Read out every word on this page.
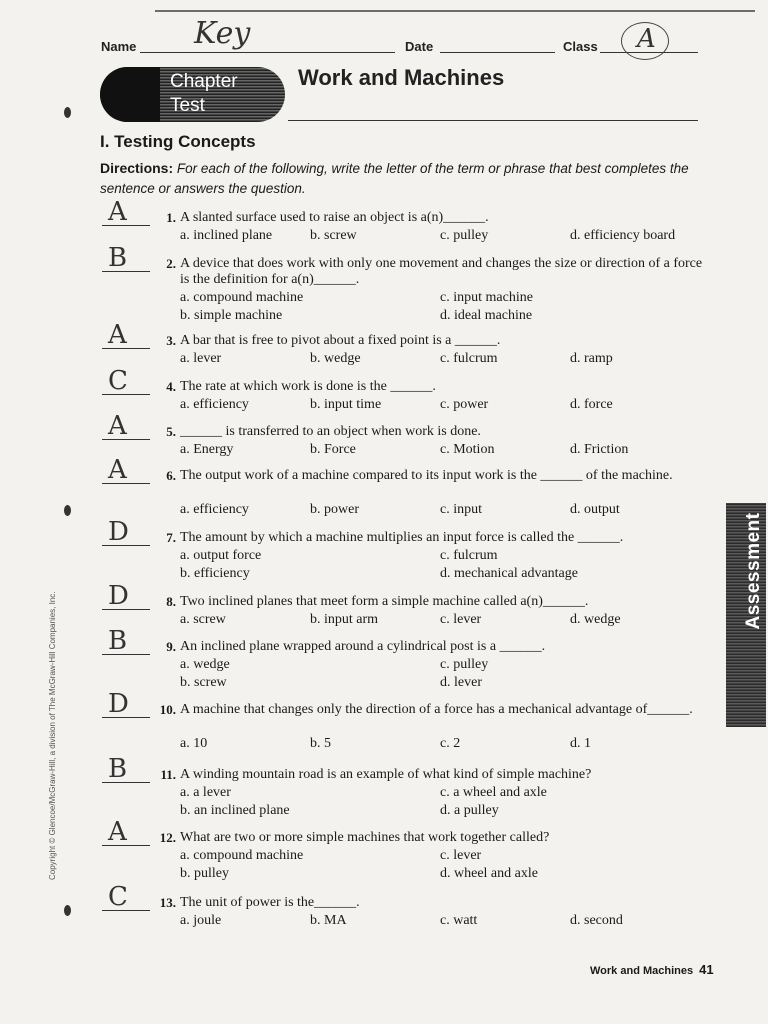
Name Key	Date	Class A
Chapter
Test
Work and Machines
I. Testing Concepts
Directions: For each of the following, write the letter of the term or phrase that best completes the sentence or answers the question.
A	1. A slanted surface used to raise an object is a(n)______.
a. inclined plane	b. screw	c. pulley	d. efficiency board
B	2. A device that does work with only one movement and changes the size or direction of a force is the definition for a(n)______.
a. compound machine	c. input machine
b. simple machine	d. ideal machine
A	3. A bar that is free to pivot about a fixed point is a ______.
a. lever	b. wedge	c. fulcrum	d. ramp
C	4. The rate at which work is done is the ______.
a. efficiency	b. input time	c. power	d. force
A	5. ______ is transferred to an object when work is done.
a. Energy	b. Force	c. Motion	d. Friction
A	6. The output work of a machine compared to its input work is the ______ of the machine.
a. efficiency	b. power	c. input	d. output
D	7. The amount by which a machine multiplies an input force is called the ______.
a. output force	c. fulcrum
b. efficiency	d. mechanical advantage
D	8. Two inclined planes that meet form a simple machine called a(n)______.
a. screw	b. input arm	c. lever	d. wedge
B	9. An inclined plane wrapped around a cylindrical post is a ______.
a. wedge	c. pulley
b. screw	d. lever
D	10. A machine that changes only the direction of a force has a mechanical advantage of______.
a. 10	b. 5	c. 2	d. 1
B	11. A winding mountain road is an example of what kind of simple machine?
a. a lever	c. a wheel and axle
b. an inclined plane	d. a pulley
A	12. What are two or more simple machines that work together called?
a. compound machine	c. lever
b. pulley	d. wheel and axle
C	13. The unit of power is the______.
a. joule	b. MA	c. watt	d. second
Assessment
Copyright © Glencoe/McGraw-Hill, a division of The McGraw-Hill Companies, Inc.
Work and Machines 41
